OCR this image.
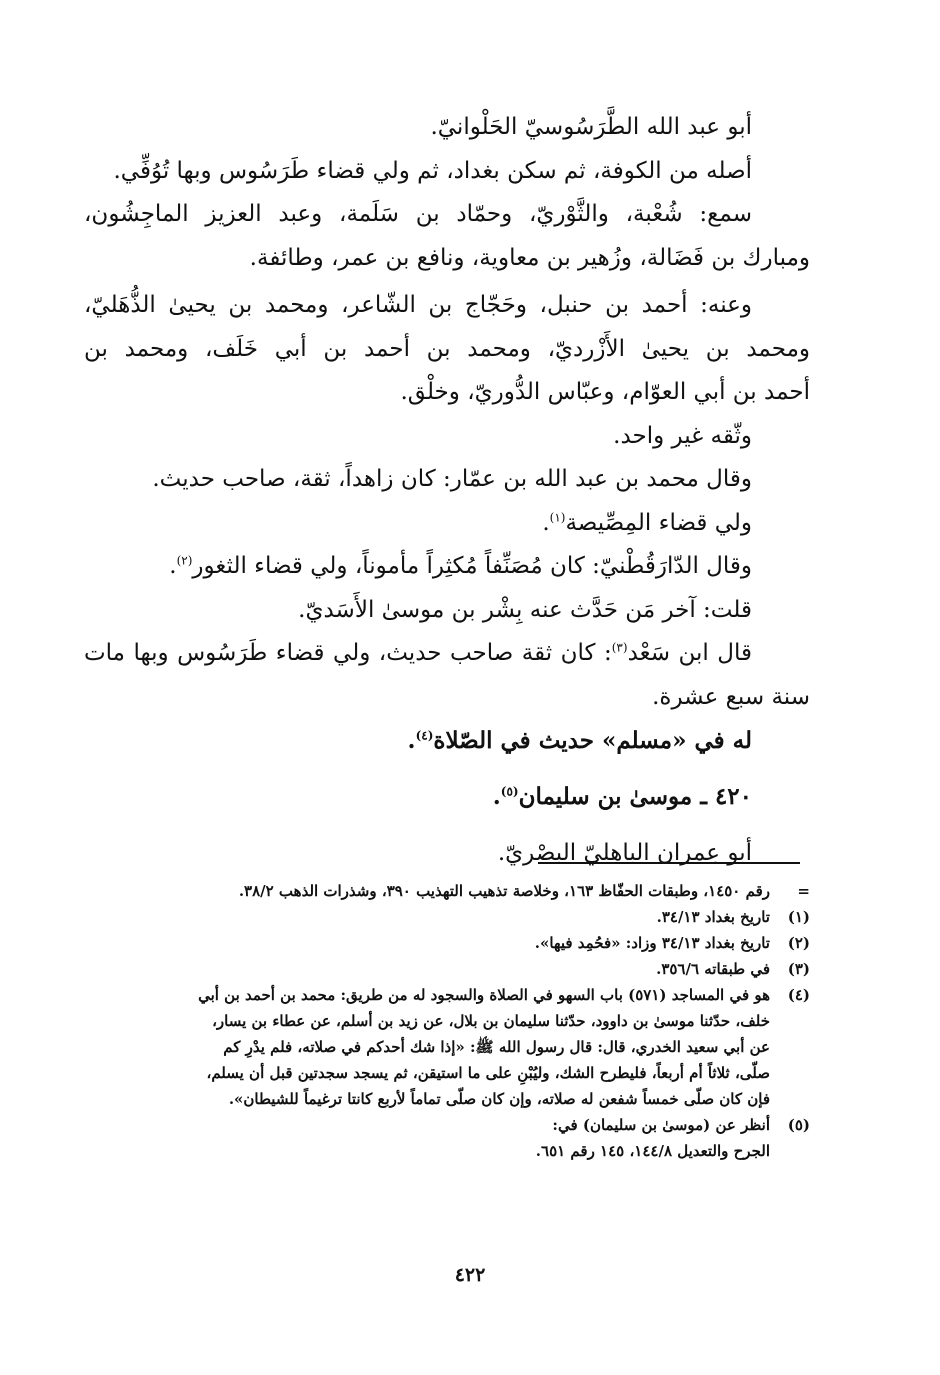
أبو عبد الله الطَّرَسُوسيّ الحَلْوانيّ.

أصله من الكوفة، ثم سكن بغداد، ثم ولي قضاء طَرَسُوس وبها تُوُفِّي.

سمع: شُعْبة، والثَّوْريّ، وحمّاد بن سَلَمة، وعبد العزيز الماجِشُون،

ومبارك بن فَضَالة، وزُهير بن معاوية، ونافع بن عمر، وطائفة.

وعنه: أحمد بن حنبل، وحَجّاج بن الشّاعر، ومحمد بن يحيىٰ الذُّهَليّ،

ومحمد بن يحيىٰ الأَزْرديّ، ومحمد بن أحمد بن أبي خَلَف، ومحمد بن

أحمد بن أبي العوّام، وعبّاس الدُّوريّ، وخلْق.

وثّقه غير واحد.

وقال محمد بن عبد الله بن عمّار: كان زاهداً، ثقة، صاحب حديث.

ولي قضاء المِصِّيصة$^{(١)}$.

وقال الدّارَقُطْنيّ: كان مُصَنِّفاً مُكثِراً مأموناً، ولي قضاء الثغور$^{(٢)}$.

قلت: آخر مَن حَدَّث عنه بِشْر بن موسىٰ الأَسَديّ.

قال ابن سَعْد$^{(٣)}$: كان ثقة صاحب حديث، ولي قضاء طَرَسُوس وبها مات

سنة سبع عشرة.

له في «مسلم» حديث في الصّلاة$^{(٤)}$.

٤٢٠ ـ موسىٰ بن سليمان$^{(٥)}$.

أبو عِمران الباهليّ البصْريّ.

=
رقم ١٤٥٠، وطبقات الحفّاظ ١٦٣، وخلاصة تذهيب التهذيب ٣٩٠، وشذرات الذهب ٣٨/٢.
(١)
تاريخ بغداد ٣٤/١٣.
(٢)
تاريخ بغداد ٣٤/١٣ وزاد: «فحُمِد فيها».
(٣)
في طبقاته ٣٥٦/٦.
(٤)
هو في المساجد (٥٧١) باب السهو في الصلاة والسجود له من طريق: محمد بن أحمد بن أبي
خلف، حدّثنا موسىٰ بن داوود، حدّثنا سليمان بن بلال، عن زيد بن أسلم، عن عطاء بن يسار،
عن أبي سعيد الخدري، قال: قال رسول الله ﷺ: «إذا شك أحدكم في صلاته، فلم يدْرِ كم
صلّى، ثلاثاً أم أربعاً، فليطرح الشك، وليُبْنِ على ما استيقن، ثم يسجد سجدتين قبل أن يسلم،
فإن كان صلّى خمساً شفعن له صلاته، وإن كان صلّى تماماً لأربع كانتا ترغيماً للشيطان».
(٥)
أنظر عن (موسىٰ بن سليمان) في:
الجرح والتعديل ١٤٤/٨، ١٤٥ رقم ٦٥١.
٤٢٢
